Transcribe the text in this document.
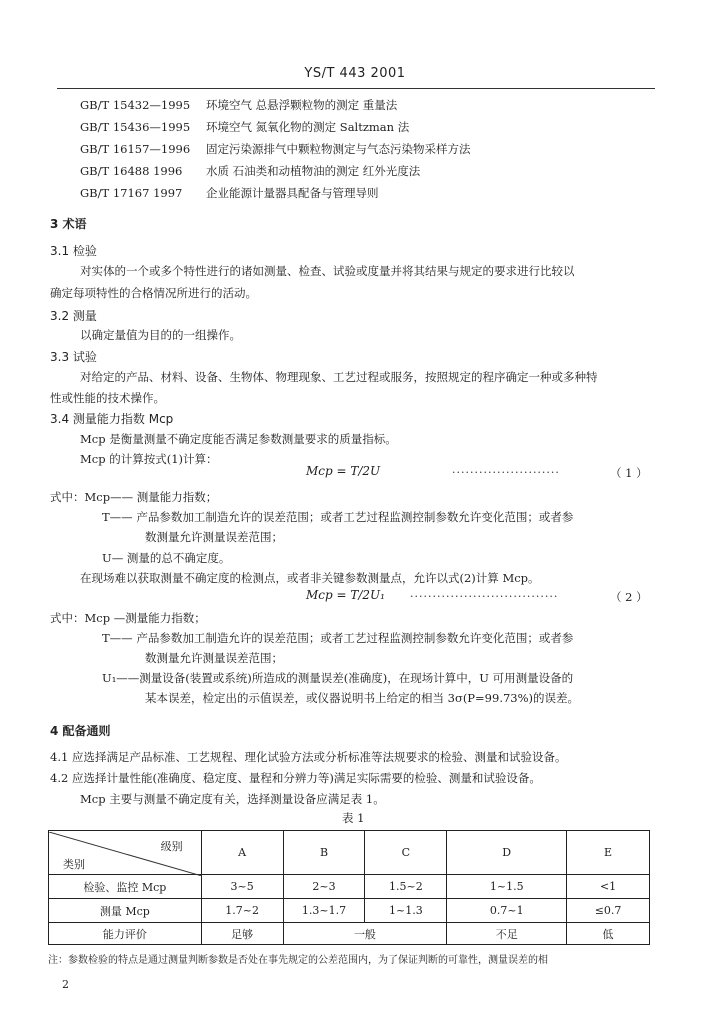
YS/T 443 2001
GB/T 15432—1995 环境空气 总悬浮颗粒物的测定 重量法
GB/T 15436—1995 环境空气 氮氧化物的测定 Saltzman 法
GB/T 16157—1996 固定污染源排气中颗粒物测定与气态污染物采样方法
GB/T 16488 1996 水质 石油类和动植物油的测定 红外光度法
GB/T 17167 1997 企业能源计量器具配备与管理导则
3 术语
3.1 检验
对实体的一个或多个特性进行的诸如测量、检查、试验或度量并将其结果与规定的要求进行比较以
确定每项特性的合格情况所进行的活动。
3.2 测量
以确定量值为目的的一组操作。
3.3 试验
对给定的产品、材料、设备、生物体、物理现象、工艺过程或服务，按照规定的程序确定一种或多种特
性或性能的技术操作。
3.4 测量能力指数 Mcp
Mcp 是衡量测量不确定度能否满足参数测量要求的质量指标。
Mcp 的计算按式(1)计算：
Mcp = T/2U	························	（ 1 ）
式中：Mcp—— 测量能力指数；
T—— 产品参数加工制造允许的误差范围；或者工艺过程监测控制参数允许变化范围；或者参
数测量允许测量误差范围；
U— 测量的总不确定度。
在现场难以获取测量不确定度的检测点，或者非关键参数测量点，允许以式(2)计算 Mcp。
Mcp = T/2U₁ ·································	（ 2 ）
式中：Mcp —测量能力指数；
T—— 产品参数加工制造允许的误差范围；或者工艺过程监测控制参数允许变化范围；或者参
数测量允许测量误差范围；
U₁——测量设备(装置或系统)所造成的测量误差(准确度)，在现场计算中，U 可用测量设备的
某本误差，检定出的示值误差，或仪器说明书上给定的相当 3σ(P=99.73%)的误差。
4 配备通则
4.1 应选择满足产品标准、工艺规程、理化试验方法或分析标准等法规要求的检验、测量和试验设备。
4.2 应选择计量性能(准确度、稳定度、量程和分辨力等)满足实际需要的检验、测量和试验设备。
Mcp 主要与测量不确定度有关，选择测量设备应满足表 1。
表 1
级别
类别	A	B	C	D	E
检验、监控 Mcp	3~5	2~3	1.5~2	1~1.5	<1
测量 Mcp	1.7~2	1.3~1.7	1~1.3	0.7~1	≤0.7
能力评价	足够	一般		不足	低
注：参数检验的特点是通过测量判断参数是否处在事先规定的公差范围内，为了保证判断的可靠性，测量误差的相
2
